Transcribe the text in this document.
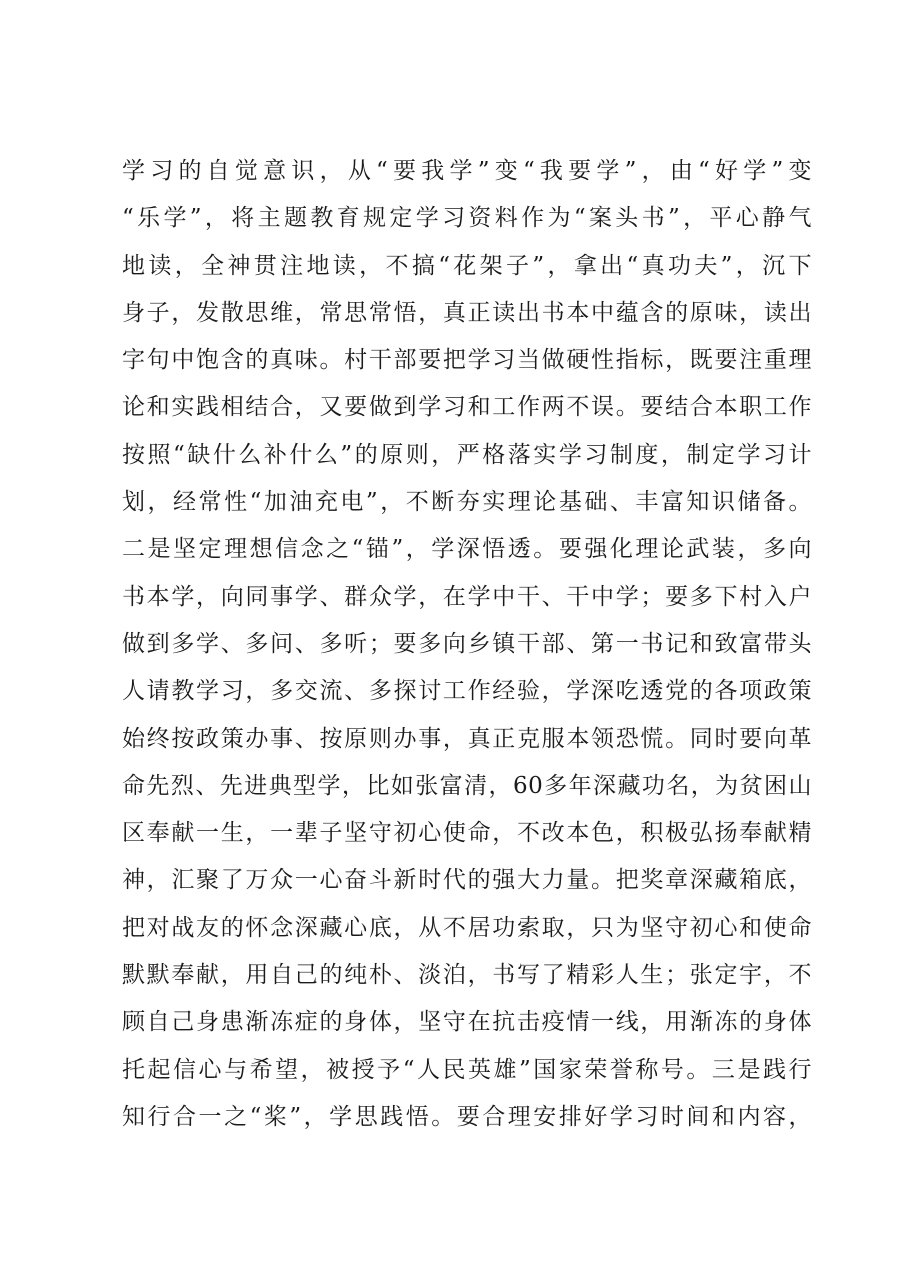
学习的自觉意识，从“要我学”变“我要学”，由“好学”变
“乐学”，将主题教育规定学习资料作为“案头书”，平心静气
地读，全神贯注地读，不搞“花架子”，拿出“真功夫”，沉下
身子，发散思维，常思常悟，真正读出书本中蕴含的原味，读出
字句中饱含的真味。村干部要把学习当做硬性指标，既要注重理
论和实践相结合，又要做到学习和工作两不误。要结合本职工作
按照“缺什么补什么”的原则，严格落实学习制度，制定学习计
划，经常性“加油充电”，不断夯实理论基础、丰富知识储备。
二是坚定理想信念之“锚”，学深悟透。要强化理论武装，多向
书本学，向同事学、群众学，在学中干、干中学；要多下村入户
做到多学、多问、多听；要多向乡镇干部、第一书记和致富带头
人请教学习，多交流、多探讨工作经验，学深吃透党的各项政策
始终按政策办事、按原则办事，真正克服本领恐慌。同时要向革
命先烈、先进典型学，比如张富清，60多年深藏功名，为贫困山
区奉献一生，一辈子坚守初心使命，不改本色，积极弘扬奉献精
神，汇聚了万众一心奋斗新时代的强大力量。把奖章深藏箱底，
把对战友的怀念深藏心底，从不居功索取，只为坚守初心和使命
默默奉献，用自己的纯朴、淡泊，书写了精彩人生；张定宇，不
顾自己身患渐冻症的身体，坚守在抗击疫情一线，用渐冻的身体
托起信心与希望，被授予“人民英雄”国家荣誉称号。三是践行
知行合一之“桨”，学思践悟。要合理安排好学习时间和内容，
